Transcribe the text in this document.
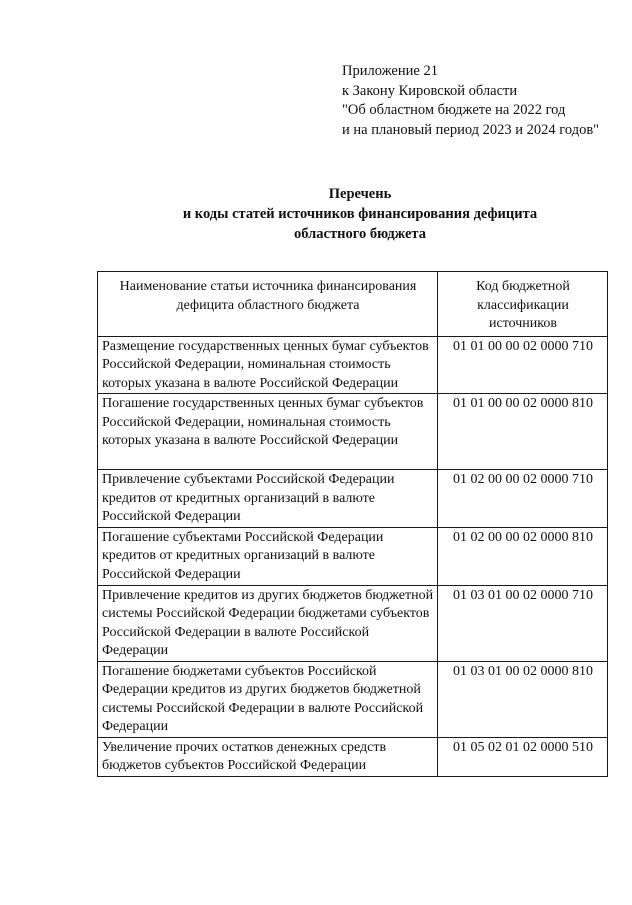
Приложение 21
к Закону Кировской области
"Об областном бюджете на 2022 год
и на плановый период 2023 и 2024 годов"
Перечень
и коды статей источников финансирования дефицита
областного бюджета
Наименование статьи источника финансирования дефицита областного бюджета	Код бюджетной классификации источников
Размещение государственных ценных бумаг субъектов Российской Федерации, номинальная стоимость которых указана в валюте Российской Федерации	01 01 00 00 02 0000 710
Погашение государственных ценных бумаг субъектов Российской Федерации, номинальная стоимость которых указана в валюте Российской Федерации	01 01 00 00 02 0000 810
Привлечение субъектами Российской Федерации кредитов от кредитных организаций в валюте Российской Федерации	01 02 00 00 02 0000 710
Погашение субъектами Российской Федерации кредитов от кредитных организаций в валюте Российской Федерации	01 02 00 00 02 0000 810
Привлечение кредитов из других бюджетов бюджетной системы Российской Федерации бюджетами субъектов Российской Федерации в валюте Российской Федерации	01 03 01 00 02 0000 710
Погашение бюджетами субъектов Российской Федерации кредитов из других бюджетов бюджетной системы Российской Федерации в валюте Российской Федерации	01 03 01 00 02 0000 810
Увеличение прочих остатков денежных средств бюджетов субъектов Российской Федерации	01 05 02 01 02 0000 510
